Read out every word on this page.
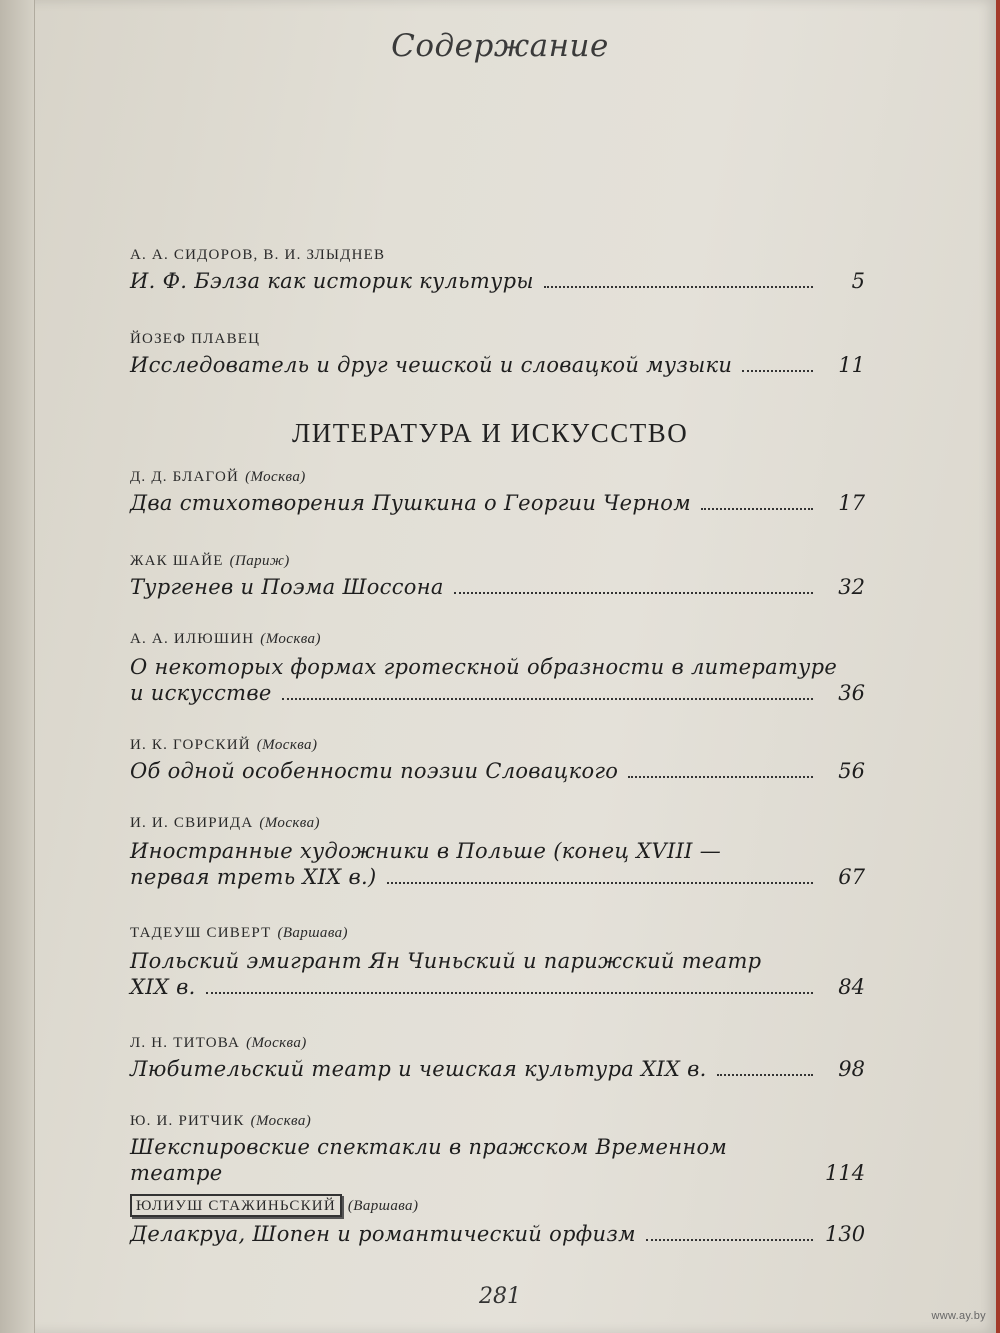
Содержание
А. А. СИДОРОВ, В. И. ЗЛЫДНЕВ
И. Ф. Бэлза как историк культуры	5
ЙОЗЕФ ПЛАВЕЦ
Исследователь и друг чешской и словацкой музыки	11
ЛИТЕРАТУРА И ИСКУССТВО
Д. Д. БЛАГОЙ (Москва)
Два стихотворения Пушкина о Георгии Черном	17
ЖАК ШАЙЕ (Париж)
Тургенев и Поэма Шоссона	32
А. А. ИЛЮШИН (Москва)
О некоторых формах гротескной образности в литературе
и искусстве	36
И. К. ГОРСКИЙ (Москва)
Об одной особенности поэзии Словацкого	56
И. И. СВИРИДА (Москва)
Иностранные художники в Польше (конец XVIII —
первая треть XIX в.)	67
ТАДЕУШ СИВЕРТ (Варшава)
Польский эмигрант Ян Чиньский и парижский театр
XIX в.	84
Л. Н. ТИТОВА (Москва)
Любительский театр и чешская культура XIX в.	98
Ю. И. РИТЧИК (Москва)
Шекспировские спектакли в пражском Временном театре	114
ЮЛИУШ СТАЖИНЬСКИЙ (Варшава)
Делакруа, Шопен и романтический орфизм	130
281
www.ay.by
